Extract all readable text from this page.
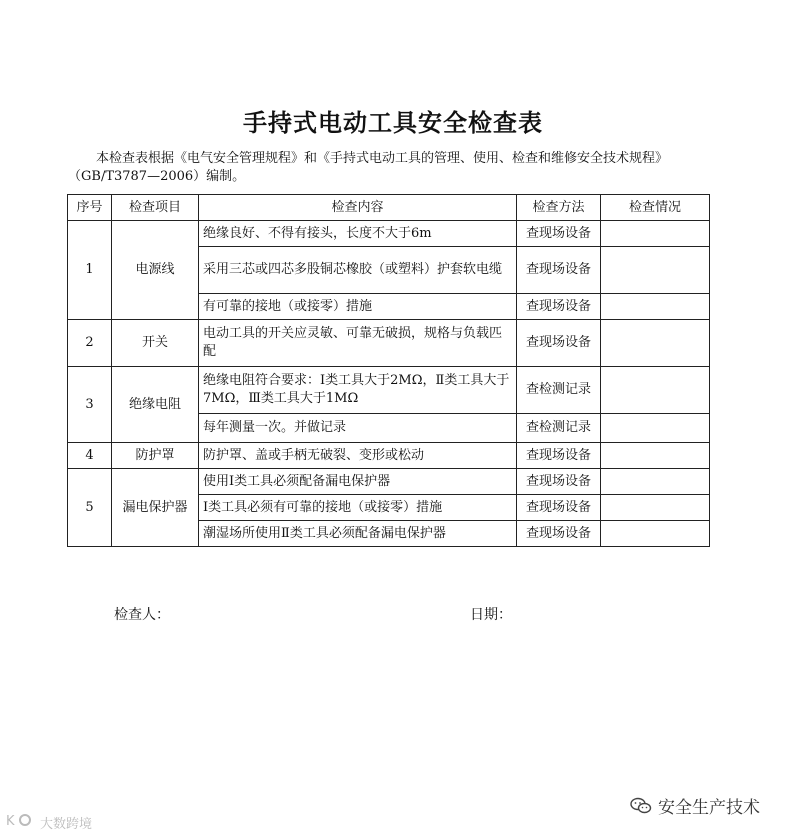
手持式电动工具安全检查表
本检查表根据《电气安全管理规程》和《手持式电动工具的管理、使用、检查和维修安全技术规程》（GB/T3787—2006）编制。
序号	检查项目	检查内容	检查方法	检查情况
1	电源线	绝缘良好、不得有接头，长度不大于6m	查现场设备	
		采用三芯或四芯多股铜芯橡胶（或塑料）护套软电缆	查现场设备	
		有可靠的接地（或接零）措施	查现场设备	
2	开关	电动工具的开关应灵敏、可靠无破损，规格与负载匹配	查现场设备	
3	绝缘电阻	绝缘电阻符合要求：Ⅰ类工具大于2MΩ，Ⅱ类工具大于7MΩ，Ⅲ类工具大于1MΩ	查检测记录	
		每年测量一次。并做记录	查检测记录	
4	防护罩	防护罩、盖或手柄无破裂、变形或松动	查现场设备	
5	漏电保护器	使用Ⅰ类工具必须配备漏电保护器	查现场设备	
		Ⅰ类工具必须有可靠的接地（或接零）措施	查现场设备	
		潮湿场所使用Ⅱ类工具必须配备漏电保护器	查现场设备	
检查人：	日期：
K 大数跨境
安全生产技术
